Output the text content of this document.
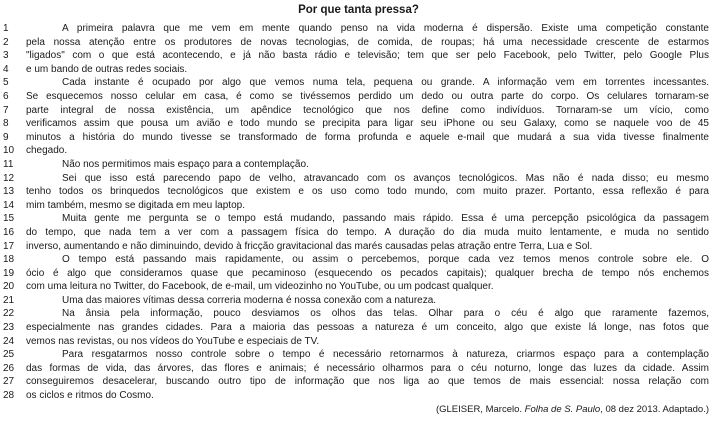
Por que tanta pressa?
1	A primeira palavra que me vem em mente quando penso na vida moderna é dispersão. Existe uma competição constante
2	pela nossa atenção entre os produtores de novas tecnologias, de comida, de roupas; há uma necessidade crescente de estarmos
3	"ligados" com o que está acontecendo, e já não basta rádio e televisão; tem que ser pelo Facebook, pelo Twitter, pelo Google Plus
4	e um bando de outras redes sociais.
5	Cada instante é ocupado por algo que vemos numa tela, pequena ou grande. A informação vem em torrentes incessantes.
6	Se esquecemos nosso celular em casa, é como se tivéssemos perdido um dedo ou outra parte do corpo. Os celulares tornaram-se
7	parte integral de nossa existência, um apêndice tecnológico que nos define como indivíduos. Tornaram-se um vício, como
8	verificamos assim que pousa um avião e todo mundo se precipita para ligar seu iPhone ou seu Galaxy, como se naquele voo de 45
9	minutos a história do mundo tivesse se transformado de forma profunda e aquele e-mail que mudará a sua vida tivesse finalmente
10	chegado.
11	Não nos permitimos mais espaço para a contemplação.
12	Sei que isso está parecendo papo de velho, atravancado com os avanços tecnológicos. Mas não é nada disso; eu mesmo
13	tenho todos os brinquedos tecnológicos que existem e os uso como todo mundo, com muito prazer. Portanto, essa reflexão é para
14	mim também, mesmo se digitada em meu laptop.
15	Muita gente me pergunta se o tempo está mudando, passando mais rápido. Essa é uma percepção psicológica da passagem
16	do tempo, que nada tem a ver com a passagem física do tempo. A duração do dia muda muito lentamente, e muda no sentido
17	inverso, aumentando e não diminuindo, devido à fricção gravitacional das marés causadas pelas atração entre Terra, Lua e Sol.
18	O tempo está passando mais rapidamente, ou assim o percebemos, porque cada vez temos menos controle sobre ele. O
19	ócio é algo que consideramos quase que pecaminoso (esquecendo os pecados capitais); qualquer brecha de tempo nós enchemos
20	com uma leitura no Twitter, do Facebook, de e-mail, um videozinho no YouTube, ou um podcast qualquer.
21	Uma das maiores vítimas dessa correria moderna é nossa conexão com a natureza.
22	Na ânsia pela informação, pouco desviamos os olhos das telas. Olhar para o céu é algo que raramente fazemos,
23	especialmente nas grandes cidades. Para a maioria das pessoas a natureza é um conceito, algo que existe lá longe, nas fotos que
24	vemos nas revistas, ou nos vídeos do YouTube e especiais de TV.
25	Para resgatarmos nosso controle sobre o tempo é necessário retornarmos à natureza, criarmos espaço para a contemplação
26	das formas de vida, das árvores, das flores e animais; é necessário olharmos para o céu noturno, longe das luzes da cidade. Assim
27	conseguiremos desacelerar, buscando outro tipo de informação que nos liga ao que temos de mais essencial: nossa relação com
28	os ciclos e ritmos do Cosmo.
(GLEISER, Marcelo. Folha de S. Paulo, 08 dez 2013. Adaptado.)
